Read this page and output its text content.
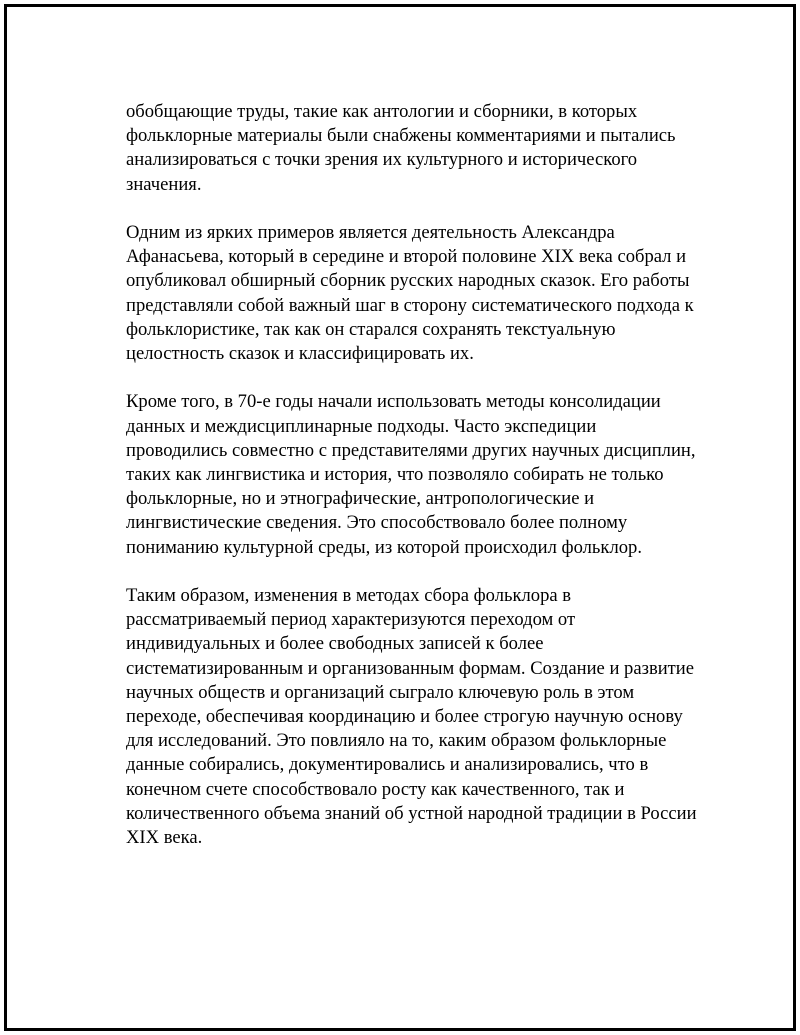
обобщающие труды, такие как антологии и сборники, в которых
фольклорные материалы были снабжены комментариями и пытались
анализироваться с точки зрения их культурного и исторического
значения.

Одним из ярких примеров является деятельность Александра
Афанасьева, который в середине и второй половине XIX века собрал и
опубликовал обширный сборник русских народных сказок. Его работы
представляли собой важный шаг в сторону систематического подхода к
фольклористике, так как он старался сохранять текстуальную
целостность сказок и классифицировать их.

Кроме того, в 70-е годы начали использовать методы консолидации
данных и междисциплинарные подходы. Часто экспедиции
проводились совместно с представителями других научных дисциплин,
таких как лингвистика и история, что позволяло собирать не только
фольклорные, но и этнографические, антропологические и
лингвистические сведения. Это способствовало более полному
пониманию культурной среды, из которой происходил фольклор.

Таким образом, изменения в методах сбора фольклора в
рассматриваемый период характеризуются переходом от
индивидуальных и более свободных записей к более
систематизированным и организованным формам. Создание и развитие
научных обществ и организаций сыграло ключевую роль в этом
переходе, обеспечивая координацию и более строгую научную основу
для исследований. Это повлияло на то, каким образом фольклорные
данные собирались, документировались и анализировались, что в
конечном счете способствовало росту как качественного, так и
количественного объема знаний об устной народной традиции в России
XIX века.
